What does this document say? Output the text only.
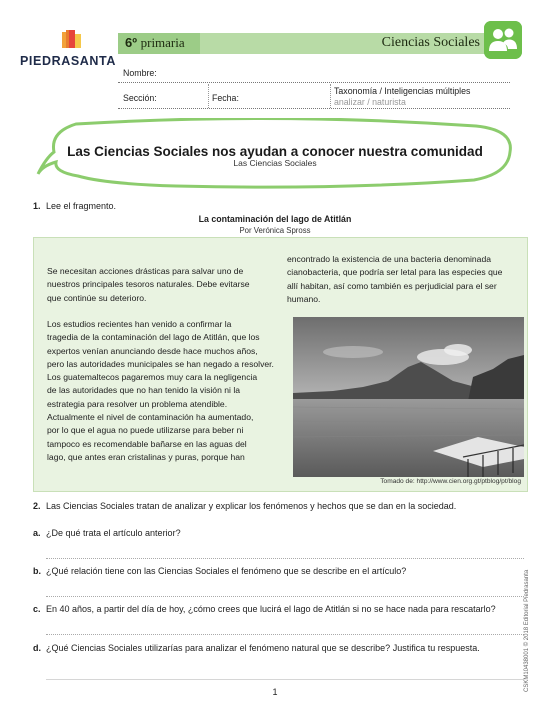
PIEDRASANTA
6º primaria	Ciencias Sociales
Nombre:
Sección:	Fecha:
Taxonomía / Inteligencias múltiples
analizar / naturista
Las Ciencias Sociales nos ayudan a conocer nuestra comunidad
Las Ciencias Sociales
1. Lee el fragmento.
La contaminación del lago de Atitlán
Por Verónica Spross
Se necesitan acciones drásticas para salvar uno de
nuestros principales tesoros naturales. Debe evitarse
que continúe su deterioro.
Los estudios recientes han venido a confirmar la
tragedia de la contaminación del lago de Atitlán, que los
expertos venían anunciando desde hace muchos años,
pero las autoridades municipales se han negado a resolver.
Los guatemaltecos pagaremos muy cara la negligencia
de las autoridades que no han tenido la visión ni la
estrategia para resolver un problema atendible.
Actualmente el nivel de contaminación ha aumentado,
por lo que el agua no puede utilizarse para beber ni
tampoco es recomendable bañarse en las aguas del
lago, que antes eran cristalinas y puras, porque han
encontrado la existencia de una bacteria denominada
cianobacteria, que podría ser letal para las especies que
allí habitan, así como también es perjudicial para el ser
humano.
Tomado de: http://www.cien.org.gt/ptblog/pt/blog
2. Las Ciencias Sociales tratan de analizar y explicar los fenómenos y hechos que se dan en la sociedad.
a. ¿De qué trata el artículo anterior?
b. ¿Qué relación tiene con las Ciencias Sociales el fenómeno que se describe en el artículo?
c. En 40 años, a partir del día de hoy, ¿cómo crees que lucirá el lago de Atitlán si no se hace nada para rescatarlo?
d. ¿Qué Ciencias Sociales utilizarías para analizar el fenómeno natural que se describe? Justifica tu respuesta.
1	CSKM10438001 © 2018 Editorial Piedrasanta
